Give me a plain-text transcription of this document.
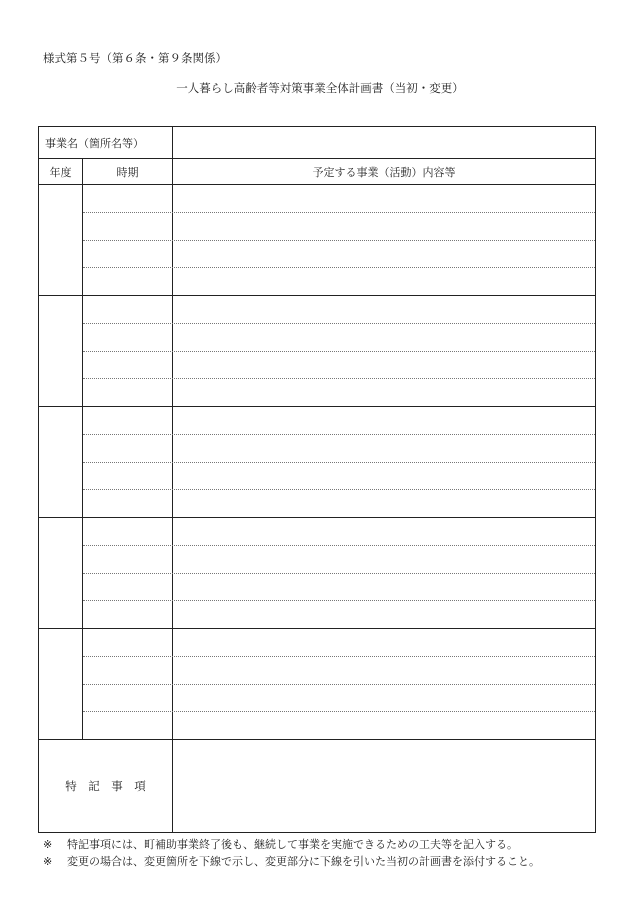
様式第５号（第６条・第９条関係）
一人暮らし高齢者等対策事業全体計画書（当初・変更）
事業名（箇所名等）
年度	時期	予定する事業（活動）内容等
特　記　事　項
※	特記事項には、町補助事業終了後も、継続して事業を実施できるための工夫等を記入する。
※	変更の場合は、変更箇所を下線で示し、変更部分に下線を引いた当初の計画書を添付すること。
